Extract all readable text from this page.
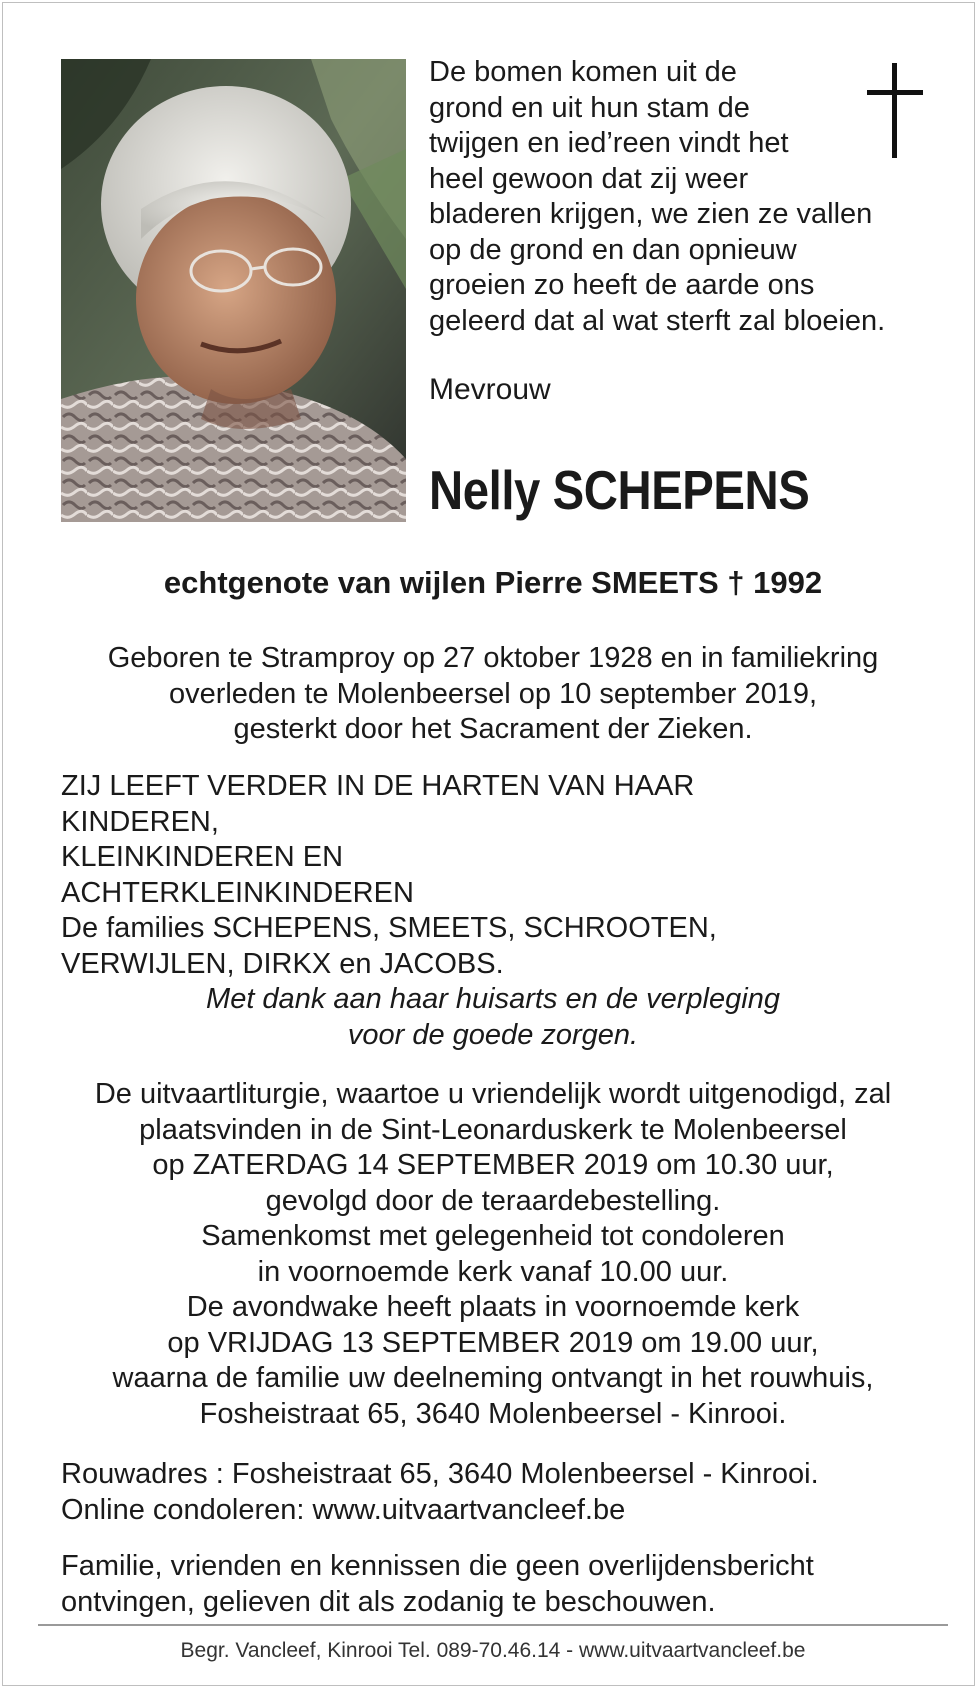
De bomen komen uit de
grond en uit hun stam de
twijgen en ied’reen vindt het
heel gewoon dat zij weer
bladeren krijgen, we zien ze vallen
op de grond en dan opnieuw
groeien zo heeft de aarde ons
geleerd dat al wat sterft zal bloeien.
Mevrouw
Nelly SCHEPENS
echtgenote van wijlen Pierre SMEETS † 1992
Geboren te Stramproy op 27 oktober 1928 en in familiekring
overleden te Molenbeersel op 10 september 2019,
gesterkt door het Sacrament der Zieken.
ZIJ LEEFT VERDER IN DE HARTEN VAN HAAR
KINDEREN,
KLEINKINDEREN EN
ACHTERKLEINKINDEREN
De families SCHEPENS, SMEETS, SCHROOTEN,
VERWIJLEN, DIRKX en JACOBS.
Met dank aan haar huisarts en de verpleging
voor de goede zorgen.
De uitvaartliturgie, waartoe u vriendelijk wordt uitgenodigd, zal
plaatsvinden in de Sint-Leonarduskerk te Molenbeersel
op ZATERDAG 14 SEPTEMBER 2019 om 10.30 uur,
gevolgd door de teraardebestelling.
Samenkomst met gelegenheid tot condoleren
in voornoemde kerk vanaf 10.00 uur.
De avondwake heeft plaats in voornoemde kerk
op VRIJDAG 13 SEPTEMBER 2019 om 19.00 uur,
waarna de familie uw deelneming ontvangt in het rouwhuis,
Fosheistraat 65, 3640 Molenbeersel - Kinrooi.
Rouwadres : Fosheistraat 65, 3640 Molenbeersel - Kinrooi.
Online condoleren: www.uitvaartvancleef.be
Familie, vrienden en kennissen die geen overlijdensbericht
ontvingen, gelieven dit als zodanig te beschouwen.
Begr. Vancleef, Kinrooi Tel. 089-70.46.14 - www.uitvaartvancleef.be
